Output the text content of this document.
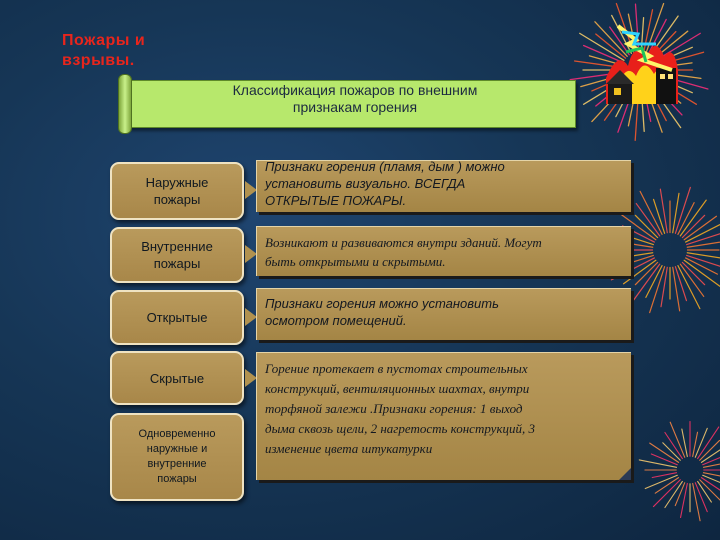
Пожары и
взрывы.
Классификация пожаров по внешним
признакам горения
Наружные
пожары
Внутренние
пожары
Открытые
Скрытые
Одновременно
наружные и
внутренние
пожары
Признаки горения (пламя, дым ) можно
установить визуально. ВСЕГДА
ОТКРЫТЫЕ ПОЖАРЫ.
Возникают и развиваются внутри зданий. Могут
быть открытыми и скрытыми.
Признаки горения можно установить
осмотром помещений.
Горение протекает в пустотах строительных
конструкций, вентиляционных шахтах, внутри
торфяной залежи .Признаки горения: 1 выход
дыма сквозь щели, 2 нагретость конструкций, 3
изменение цвета штукатурки
